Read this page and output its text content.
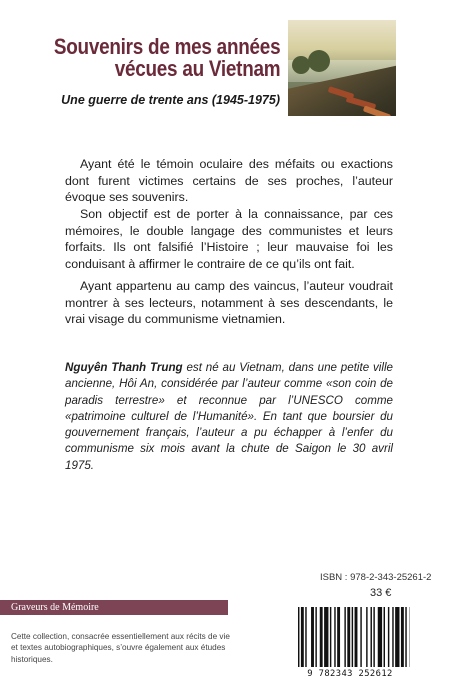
Souvenirs de mes années
vécues au Vietnam
Une guerre de trente ans (1945-1975)
Ayant été le témoin oculaire des méfaits ou exactions dont furent victimes certains de ses proches, l’auteur évoque ses souvenirs.
Son objectif est de porter à la connaissance, par ces mémoires, le double langage des communistes et leurs forfaits. Ils ont falsifié l’Histoire ; leur mauvaise foi les conduisant à affirmer le contraire de ce qu’ils ont fait.
Ayant appartenu au camp des vaincus, l’auteur voudrait montrer à ses lecteurs, notamment à ses descendants, le vrai visage du communisme vietnamien.
Nguyên Thanh Trung est né au Vietnam, dans une petite ville ancienne, Hôi An, considérée par l’auteur comme «son coin de paradis terrestre» et reconnue par l’UNESCO comme «patrimoine culturel de l’Humanité». En tant que boursier du gouvernement français, l’auteur a pu échapper à l’enfer du communisme six mois avant la chute de Saigon le 30 avril 1975.
ISBN : 978-2-343-25261-2
33 €
Graveurs de Mémoire
Cette collection, consacrée essentiellement aux récits de vie et textes autobiographiques, s’ouvre également aux études historiques.
9 782343 252612
